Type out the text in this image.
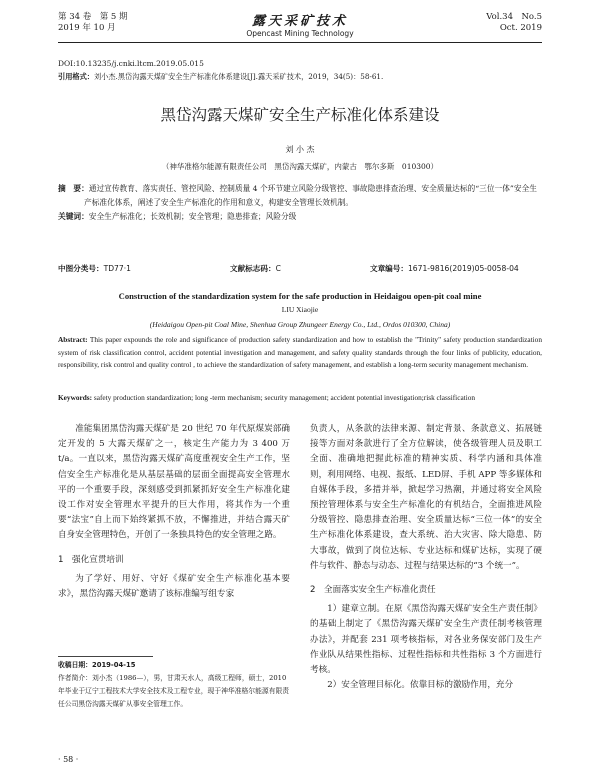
第 34 卷　第 5 期
2019 年 10 月	露天采矿技术
Opencast Mining Technology
Vol.34　No.5
Oct. 2019
DOI:10.13235/j.cnki.ltcm.2019.05.015
引用格式：刘小杰.黑岱沟露天煤矿安全生产标准化体系建设[J].露天采矿技术，2019，34(5)：58-61.
黑岱沟露天煤矿安全生产标准化体系建设
刘 小 杰
（神华准格尔能源有限责任公司　黑岱沟露天煤矿，内蒙古　鄂尔多斯　010300）

摘　要：通过宣传教育、落实责任、管控风险、控制质量 4 个环节建立风险分级管控、事故隐患排查治理、安全质量达标的“三位一体”安全生产标准化体系，阐述了安全生产标准化的作用和意义，构建安全管理长效机制。

关键词：安全生产标准化；长效机制；安全管理；隐患排查；风险分级

中图分类号：TD77·1	文献标志码：C	文章编号：1671-9816(2019)05-0058-04
Construction of the standardization system for the safe production in Heidaigou open-pit coal mine
LIU Xiaojie
(Heidaigou Open-pit Coal Mine, Shenhua Group Zhungeer Energy Co., Ltd., Ordos 010300, China)

Abstract: This paper expounds the role and significance of production safety standardization and how to establish the "Trinity" safety production standardization system of risk classification control, accident potential investigation and management, and safety quality standards through the four links of publicity, education, responsibility, risk control and quality control , to achieve the standardization of safety management, and establish a long-term security management mechanism.

Keywords: safety production standardization; long -term mechanism; security management; accident potential investigation;risk classification

准能集团黑岱沟露天煤矿是 20 世纪 70 年代原煤炭部确定开发的 5 大露天煤矿之一，核定生产能力为 3 400 万 t/a。一直以来，黑岱沟露天煤矿高度重视安全生产工作，坚信安全生产标准化是从基层基础的层面全面提高安全管理水平的一个重要手段，深刻感受到抓紧抓好安全生产标准化建设工作对安全管理水平提升的巨大作用，将其作为一个重要“法宝”自上而下始终紧抓不放，不懈推进，并结合露天矿自身安全管理特色，开创了一条独具特色的安全管理之路。

1　强化宣贯培训

为了学好、用好、守好《煤矿安全生产标准化基本要求》，黑岱沟露天煤矿邀请了该标准编写组专家

负责人，从条款的法律来源、制定背景、条款意义、拓展链接等方面对条款进行了全方位解读，使各级管理人员及职工全面、准确地把握此标准的精神实质、科学内涵和具体准则，利用网络、电视、报纸、LED屏、手机 APP 等多媒体和自媒体手段，多措并举，掀起学习热潮，并通过将安全风险预控管理体系与安全生产标准化的有机结合，全面推进风险分级管控、隐患排查治理、安全质量达标“三位一体”的安全生产标准化体系建设，查大系统、治大灾害、除大隐患、防大事故，做到了岗位达标、专业达标和煤矿达标，实现了硬件与软件、静态与动态、过程与结果达标的“3 个统一”。

2　全面落实安全生产标准化责任

1）建章立制。在原《黑岱沟露天煤矿安全生产责任制》的基础上制定了《黑岱沟露天煤矿安全生产责任制考核管理办法》，并配套 231 项考核指标，对各业务保安部门及生产作业队从结果性指标、过程性指标和共性指标 3 个方面进行考核。

2）安全管理目标化。依靠目标的激励作用，充分

收稿日期：2019-04-15

作者简介：刘小杰（1986—），男，甘肃天水人，高级工程师，硕士，2010 年毕业于辽宁工程技术大学安全技术及工程专业，现于神华准格尔能源有限责任公司黑岱沟露天煤矿从事安全管理工作。

· 58 ·
